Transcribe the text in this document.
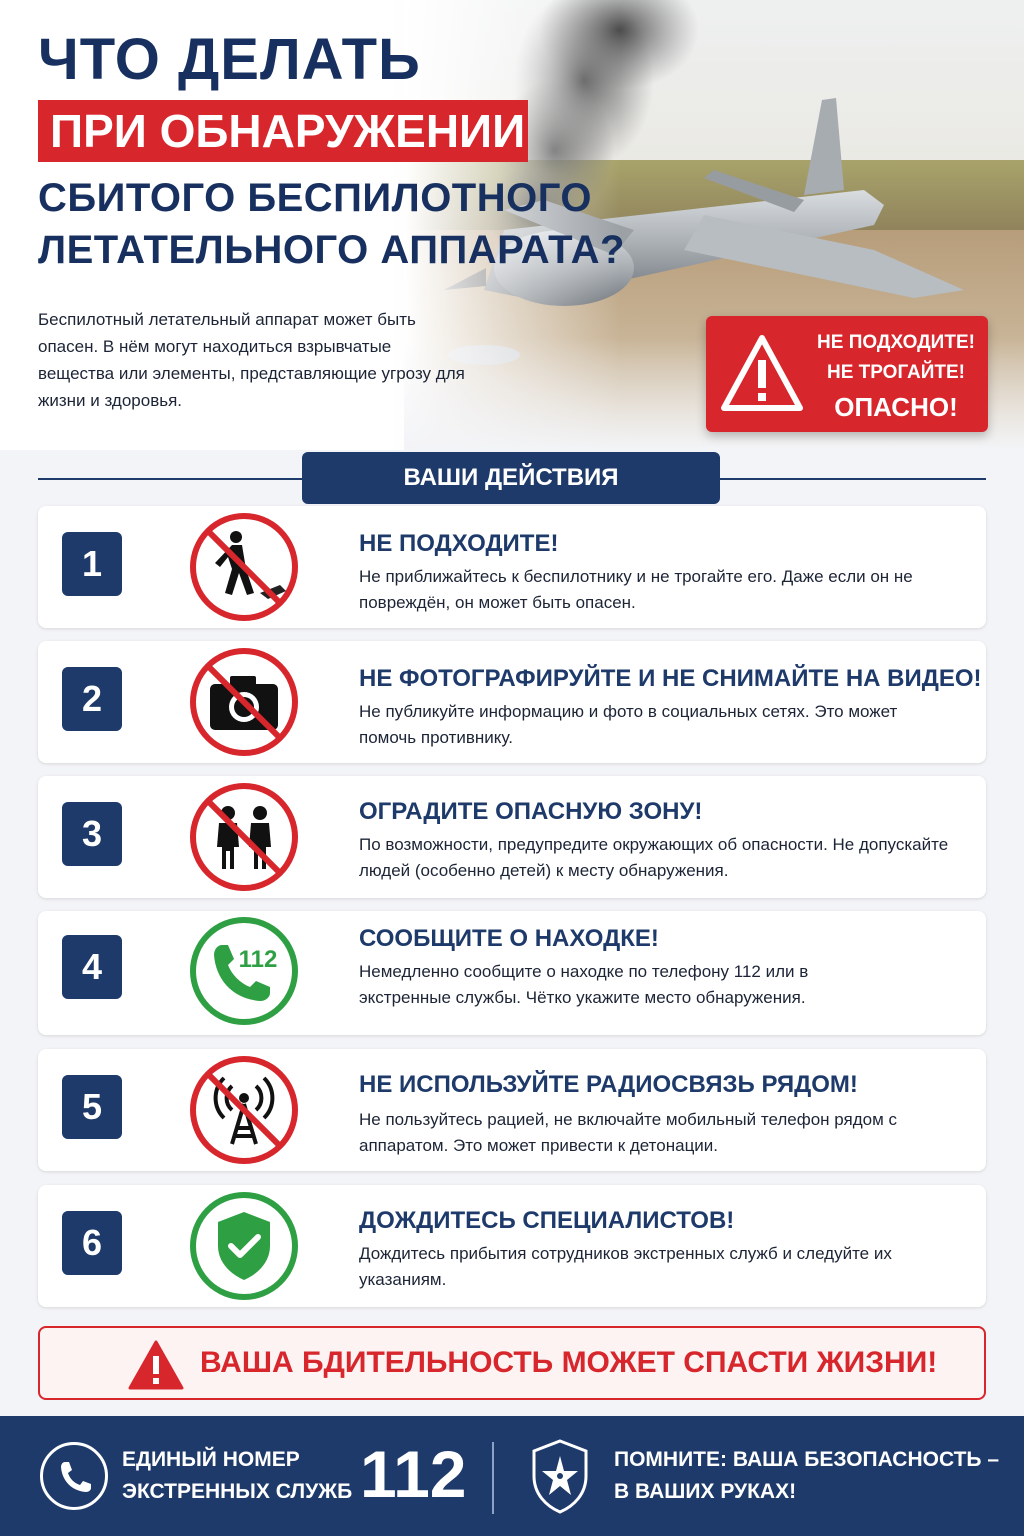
ЧТО ДЕЛАТЬ
ПРИ ОБНАРУЖЕНИИ
СБИТОГО БЕСПИЛОТНОГО
ЛЕТАТЕЛЬНОГО АППАРАТА?

Беспилотный летательный аппарат может быть опасен. В нём могут находиться взрывчатые вещества или элементы, представляющие угрозу для жизни и здоровья.

НЕ ПОДХОДИТЕ!
НЕ ТРОГАЙТЕ!
ОПАСНО!
ВАШИ ДЕЙСТВИЯ
1	НЕ ПОДХОДИТЕ!
Не приближайтесь к беспилотнику и не трогайте его. Даже если он не повреждён, он может быть опасен.
2	НЕ ФОТОГРАФИРУЙТЕ И НЕ СНИМАЙТЕ НА ВИДЕО!
Не публикуйте информацию и фото в социальных сетях. Это может помочь противнику.
3
ОГРАДИТЕ ОПАСНУЮ ЗОНУ!
По возможности, предупредите окружающих об опасности. Не допускайте людей (особенно детей) к месту обнаружения.
4	112
СООБЩИТЕ О НАХОДКЕ!
Немедленно сообщите о находке по телефону 112 или в экстренные службы. Чётко укажите место обнаружения.
5
НЕ ИСПОЛЬЗУЙТЕ РАДИОСВЯЗЬ РЯДОМ!
Не пользуйтесь рацией, не включайте мобильный телефон рядом с аппаратом. Это может привести к детонации.
6
ДОЖДИТЕСЬ СПЕЦИАЛИСТОВ!
Дождитесь прибытия сотрудников экстренных служб и следуйте их указаниям.
ВАША БДИТЕЛЬНОСТЬ МОЖЕТ СПАСТИ ЖИЗНИ!
ЕДИНЫЙ НОМЕР
ЭКСТРЕННЫХ СЛУЖБ 112	ПОМНИТЕ: ВАША БЕЗОПАСНОСТЬ –
В ВАШИХ РУКАХ!
